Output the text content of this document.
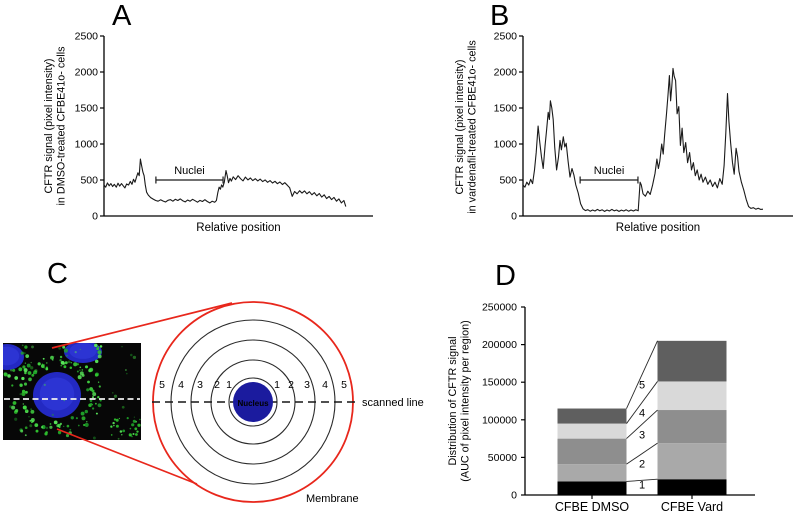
A	B
C	D
0
500
1000
1500
2000
2500
CFTR signal (pixel intensity) in DMSO-treated CFBE41o- cells
Relative position
Nuclei
0
500
1000
1500
2000
2500
CFTR signal (pixel intensity) in vardenafil-treated CFBE41o- cells
Relative position
Nuclei
Nucleus
5 4 3 2 1	1 2 3 4 5
scanned line
Membrane	0
50000
100000
150000
200000
250000
Distribution of CFTR signal (AUC of pixel intensity per region)
CFBE DMSO	CFBE Vard
1
2
3
4
5
